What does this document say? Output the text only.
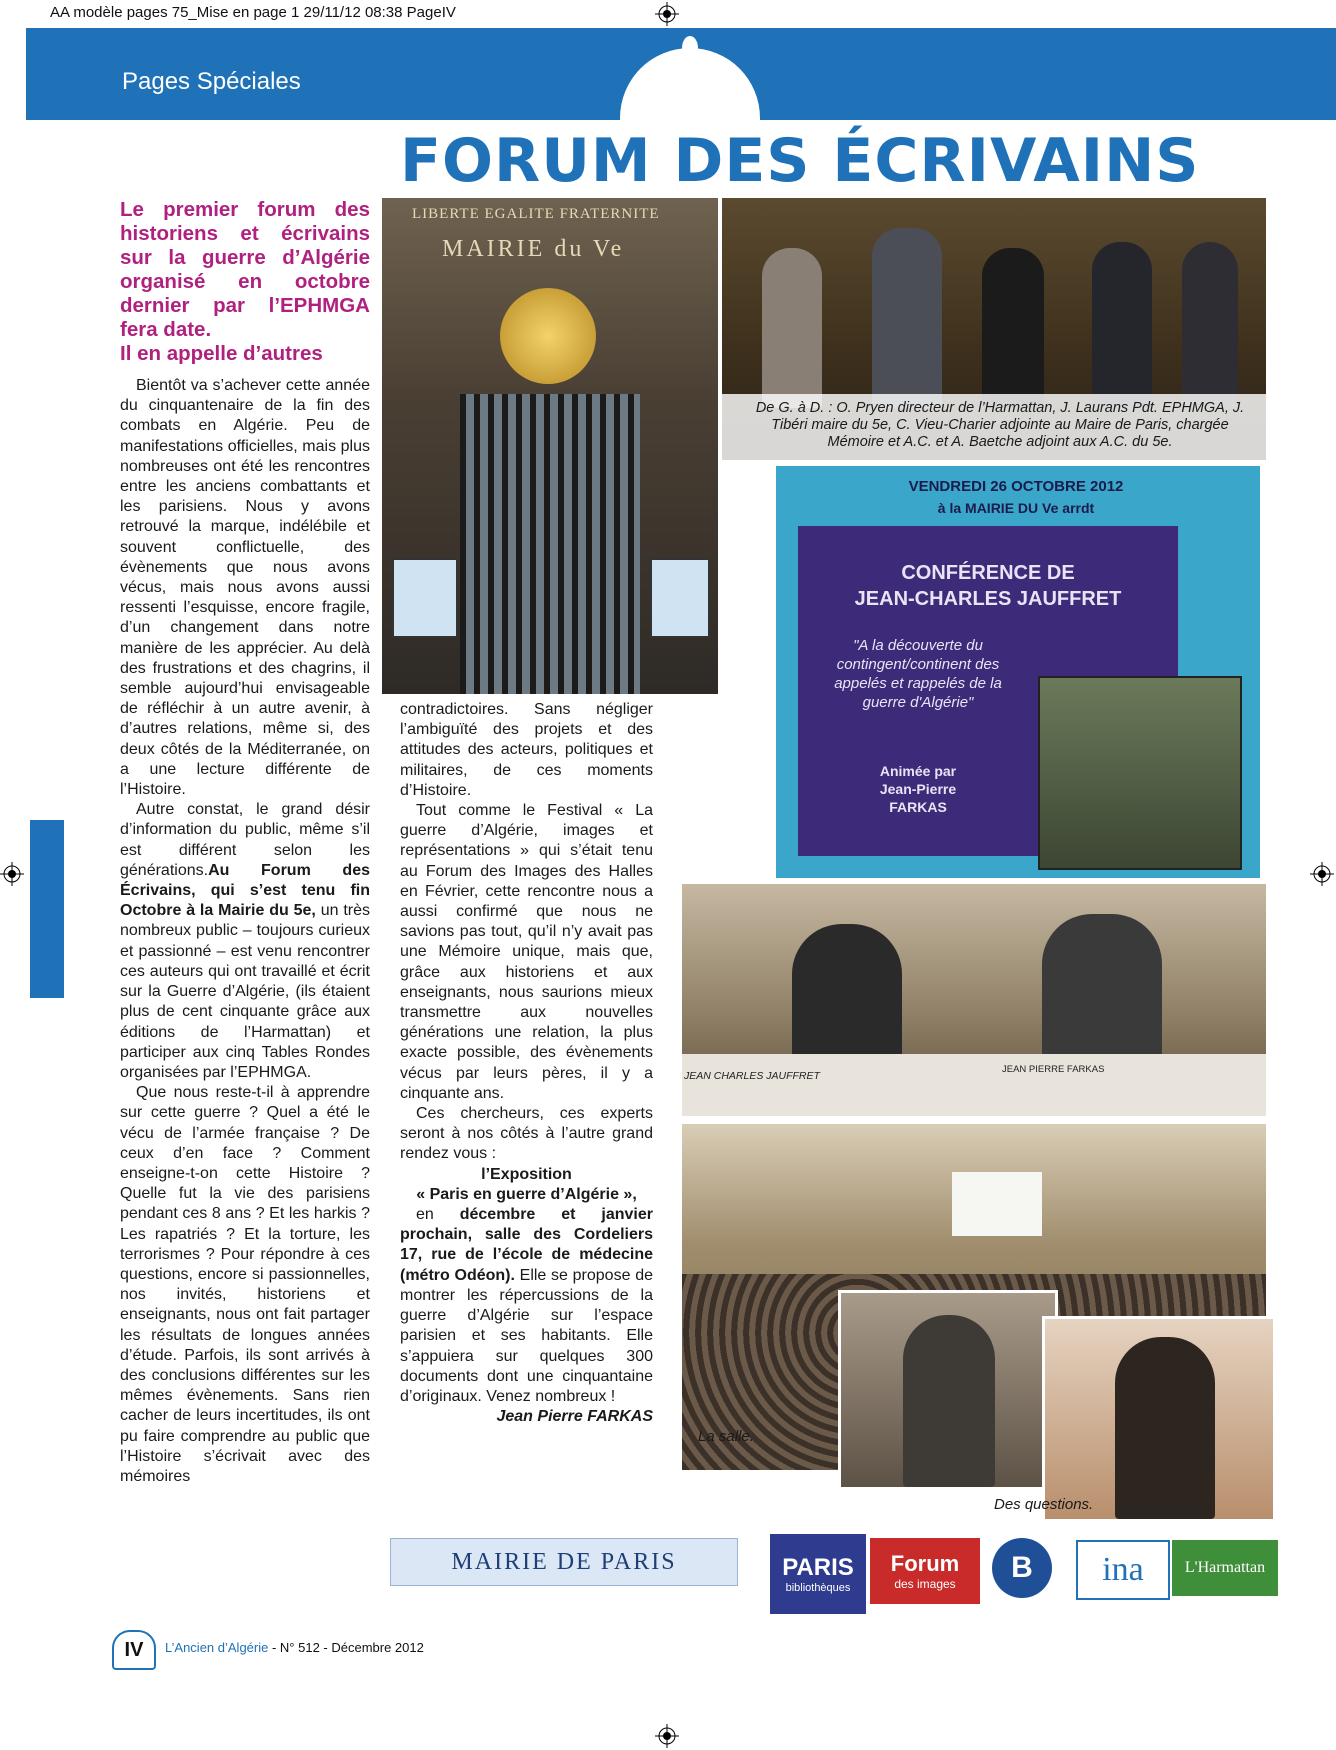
AA modèle pages 75_Mise en page 1 29/11/12 08:38 PageIV
Pages Spéciales
FORUM DES ÉCRIVAINS

Le premier forum des historiens et écrivains sur la guerre d’Algérie organisé en octobre dernier par l’EPHMGA fera date.

Il en appelle d’autres

Bientôt va s’achever cette année du cinquantenaire de la fin des combats en Algérie. Peu de manifestations officielles, mais plus nombreuses ont été les rencontres entre les anciens combattants et les parisiens. Nous y avons retrouvé la marque, indélébile et souvent conflictuelle, des évènements que nous avons vécus, mais nous avons aussi ressenti l’esquisse, encore fragile, d’un changement dans notre manière de les apprécier. Au delà des frustrations et des chagrins, il semble aujourd’hui envisageable de réfléchir à un autre avenir, à d’autres relations, même si, des deux côtés de la Méditerranée, on a une lecture différente de l’Histoire.

Autre constat, le grand désir d’information du public, même s’il est différent selon les générations.Au Forum des Écrivains, qui s’est tenu fin Octobre à la Mairie du 5e, un très nombreux public – toujours curieux et passionné – est venu rencontrer ces auteurs qui ont travaillé et écrit sur la Guerre d’Algérie, (ils étaient plus de cent cinquante grâce aux éditions de l’Harmattan) et participer aux cinq Tables Rondes organisées par l’EPHMGA.

Que nous reste-t-il à apprendre sur cette guerre ? Quel a été le vécu de l’armée française ? De ceux d’en face ? Comment enseigne-t-on cette Histoire ? Quelle fut la vie des parisiens pendant ces 8 ans ? Et les harkis ? Les rapatriés ? Et la torture, les terrorismes ? Pour répondre à ces questions, encore si passionnelles, nos invités, historiens et enseignants, nous ont fait partager les résultats de longues années d’étude. Parfois, ils sont arrivés à des conclusions différentes sur les mêmes évènements. Sans rien cacher de leurs incertitudes, ils ont pu faire comprendre au public que l’Histoire s’écrivait avec des mémoires

contradictoires. Sans négliger l’ambiguïté des projets et des attitudes des acteurs, politiques et militaires, de ces moments d’Histoire.

Tout comme le Festival « La guerre d’Algérie, images et représentations » qui s’était tenu au Forum des Images des Halles en Février, cette rencontre nous a aussi confirmé que nous ne savions pas tout, qu’il n’y avait pas une Mémoire unique, mais que, grâce aux historiens et aux enseignants, nous saurions mieux transmettre aux nouvelles générations une relation, la plus exacte possible, des évènements vécus par leurs pères, il y a cinquante ans.

Ces chercheurs, ces experts seront à nos côtés à l’autre grand rendez vous :

l’Exposition

« Paris en guerre d’Algérie »,

en décembre et janvier prochain, salle des Cordeliers 17, rue de l’école de médecine (métro Odéon). Elle se propose de montrer les répercussions de la guerre d’Algérie sur l’espace parisien et ses habitants. Elle s’appuiera sur quelques 300 documents dont une cinquantaine d’originaux. Venez nombreux !

Jean Pierre FARKAS

LIBERTE EGALITE FRATERNITE
MAIRIE du Ve
De G. à D. : O. Pryen directeur de l’Harmattan, J. Laurans Pdt. EPHMGA, J. Tibéri maire du 5e, C. Vieu-Charier adjointe au Maire de Paris, chargée Mémoire et A.C. et A. Baetche adjoint aux A.C. du 5e.
VENDREDI 26 OCTOBRE 2012
à la MAIRIE DU Ve arrdt
CONFÉRENCE DE
JEAN-CHARLES JAUFFRET
"A la découverte du contingent/continent des appelés et rappelés de la guerre d'Algérie"
Animée par
Jean-Pierre
FARKAS
JEAN CHARLES JAUFFRET
JEAN PIERRE FARKAS
La salle.
Des questions.
MAIRIE DE PARIS	PARIS
bibliothèques
Forum
des images B ina	L'Harmattan
IV	L’Ancien d’Algérie - N° 512 - Décembre 2012
